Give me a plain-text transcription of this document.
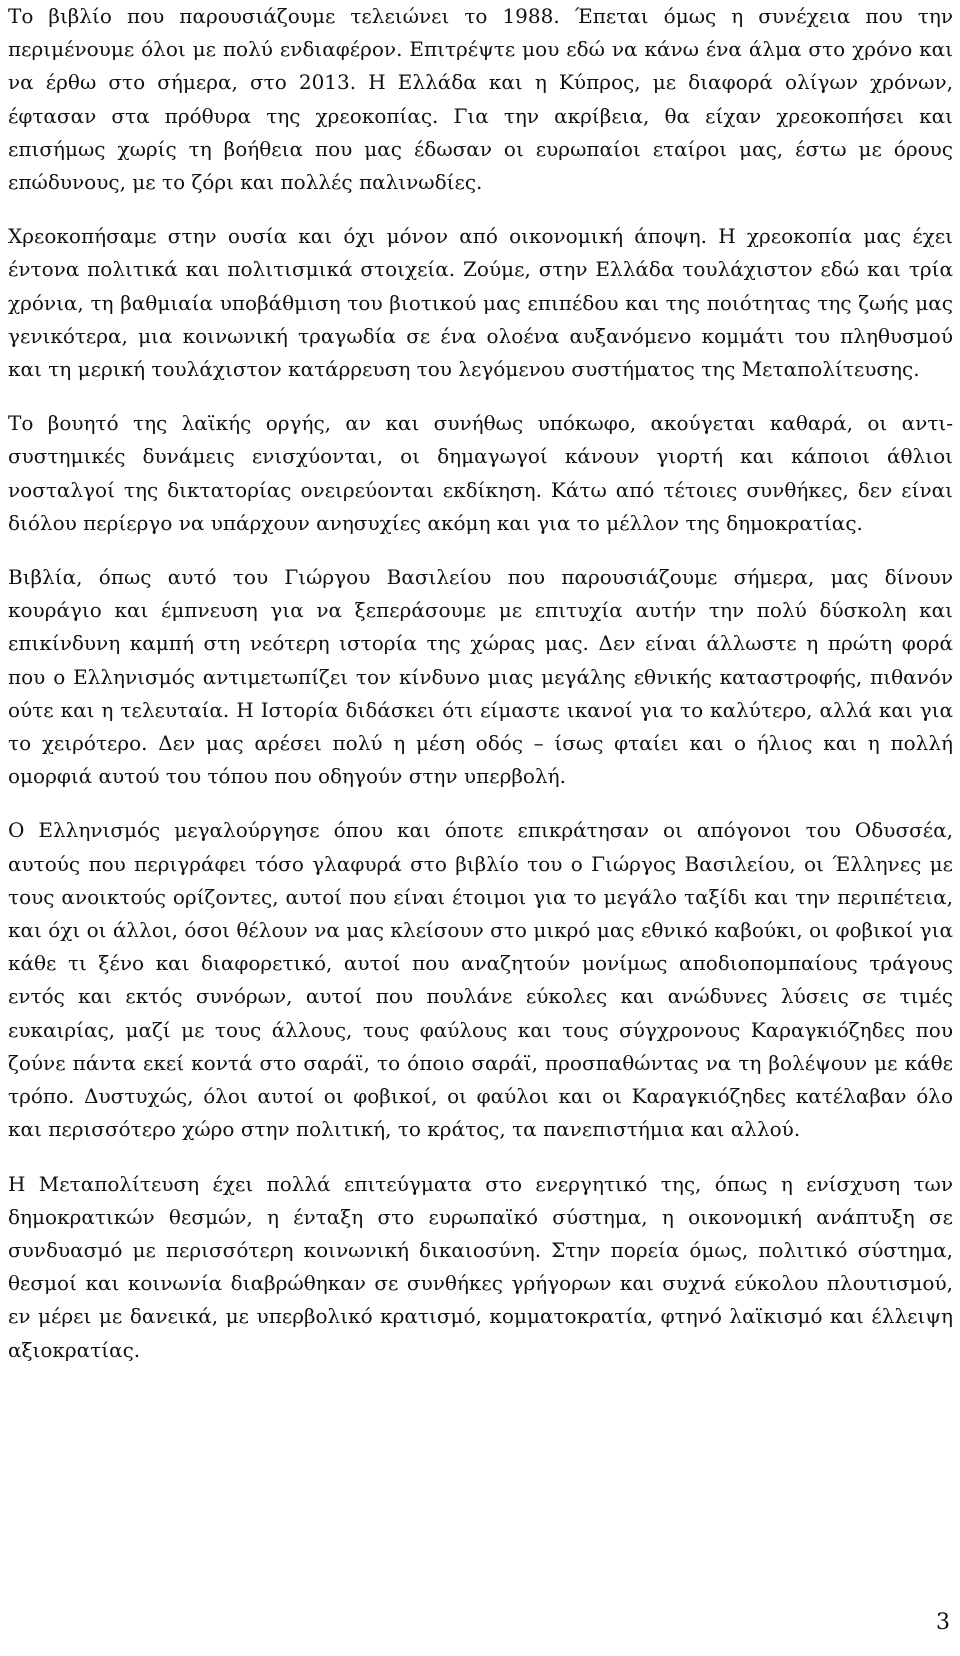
Το βιβλίο που παρουσιάζουμε τελειώνει το 1988. Έπεται όμως η συνέχεια που την περιμένουμε όλοι με πολύ ενδιαφέρον. Επιτρέψτε μου εδώ να κάνω ένα άλμα στο χρόνο και να έρθω στο σήμερα, στο 2013. Η Ελλάδα και η Κύπρος, με διαφορά ολίγων χρόνων, έφτασαν στα πρόθυρα της χρεοκοπίας. Για την ακρίβεια, θα είχαν χρεοκοπήσει και επισήμως χωρίς τη βοήθεια που μας έδωσαν οι ευρωπαίοι εταίροι μας, έστω με όρους επώδυνους, με το ζόρι και πολλές παλινωδίες.

Χρεοκοπήσαμε στην ουσία και όχι μόνον από οικονομική άποψη. Η χρεοκοπία μας έχει έντονα πολιτικά και πολιτισμικά στοιχεία. Ζούμε, στην Ελλάδα τουλάχιστον εδώ και τρία χρόνια, τη βαθμιαία υποβάθμιση του βιοτικού μας επιπέδου και της ποιότητας της ζωής μας γενικότερα, μια κοινωνική τραγωδία σε ένα ολοένα αυξανόμενο κομμάτι του πληθυσμού και τη μερική τουλάχιστον κατάρρευση του λεγόμενου συστήματος της Μεταπολίτευσης.

Το βουητό της λαϊκής οργής, αν και συνήθως υπόκωφο, ακούγεται καθαρά, οι αντισυστημικές δυνάμεις ενισχύονται, οι δημαγωγοί κάνουν γιορτή και κάποιοι άθλιοι νοσταλγοί της δικτατορίας ονειρεύονται εκδίκηση. Κάτω από τέτοιες συνθήκες, δεν είναι διόλου περίεργο να υπάρχουν ανησυχίες ακόμη και για το μέλλον της δημοκρατίας.

Βιβλία, όπως αυτό του Γιώργου Βασιλείου που παρουσιάζουμε σήμερα, μας δίνουν κουράγιο και έμπνευση για να ξεπεράσουμε με επιτυχία αυτήν την πολύ δύσκολη και επικίνδυνη καμπή στη νεότερη ιστορία της χώρας μας. Δεν είναι άλλωστε η πρώτη φορά που ο Ελληνισμός αντιμετωπίζει τον κίνδυνο μιας μεγάλης εθνικής καταστροφής, πιθανόν ούτε και η τελευταία. Η Ιστορία διδάσκει ότι είμαστε ικανοί για το καλύτερο, αλλά και για το χειρότερο. Δεν μας αρέσει πολύ η μέση οδός – ίσως φταίει και ο ήλιος και η πολλή ομορφιά αυτού του τόπου που οδηγούν στην υπερβολή.

Ο Ελληνισμός μεγαλούργησε όπου και όποτε επικράτησαν οι απόγονοι του Οδυσσέα, αυτούς που περιγράφει τόσο γλαφυρά στο βιβλίο του ο Γιώργος Βασιλείου, οι Έλληνες με τους ανοικτούς ορίζοντες, αυτοί που είναι έτοιμοι για το μεγάλο ταξίδι και την περιπέτεια, και όχι οι άλλοι, όσοι θέλουν να μας κλείσουν στο μικρό μας εθνικό καβούκι, οι φοβικοί για κάθε τι ξένο και διαφορετικό, αυτοί που αναζητούν μονίμως αποδιοπομπαίους τράγους εντός και εκτός συνόρων, αυτοί που πουλάνε εύκολες και ανώδυνες λύσεις σε τιμές ευκαιρίας, μαζί με τους άλλους, τους φαύλους και τους σύγχρονους Καραγκιόζηδες που ζούνε πάντα εκεί κοντά στο σαράϊ, το όποιο σαράϊ, προσπαθώντας να τη βολέψουν με κάθε τρόπο. Δυστυχώς, όλοι αυτοί οι φοβικοί, οι φαύλοι και οι Καραγκιόζηδες κατέλαβαν όλο και περισσότερο χώρο στην πολιτική, το κράτος, τα πανεπιστήμια και αλλού.

Η Μεταπολίτευση έχει πολλά επιτεύγματα στο ενεργητικό της, όπως η ενίσχυση των δημοκρατικών θεσμών, η ένταξη στο ευρωπαϊκό σύστημα, η οικονομική ανάπτυξη σε συνδυασμό με περισσότερη κοινωνική δικαιοσύνη. Στην πορεία όμως, πολιτικό σύστημα, θεσμοί και κοινωνία διαβρώθηκαν σε συνθήκες γρήγορων και συχνά εύκολου πλουτισμού, εν μέρει με δανεικά, με υπερβολικό κρατισμό, κομματοκρατία, φτηνό λαϊκισμό και έλλειψη αξιοκρατίας.

3
